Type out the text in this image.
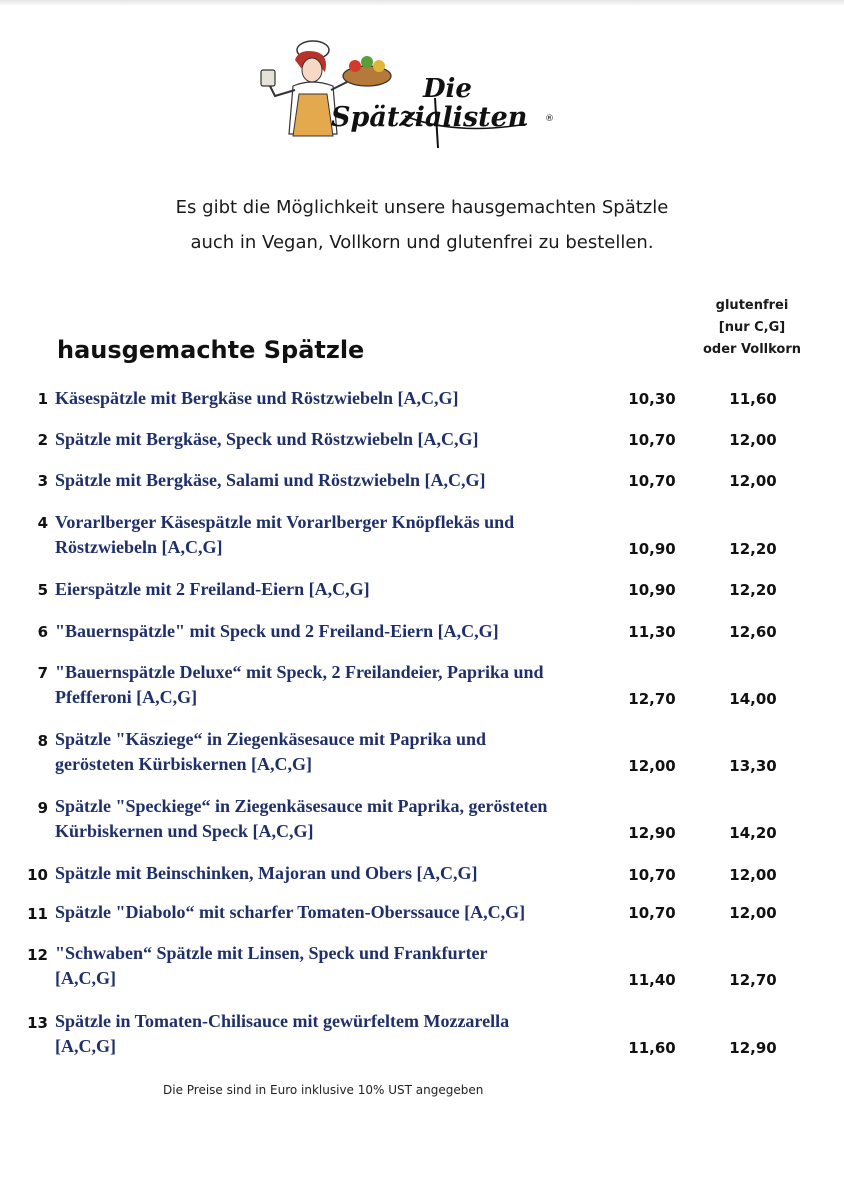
Die
Spätzialisten ®
Es gibt die Möglichkeit unsere hausgemachten Spätzle
auch in Vegan, Vollkorn und glutenfrei zu bestellen.
hausgemachte Spätzle
glutenfrei
[nur C,G]
oder Vollkorn
1 Käsespätzle mit Bergkäse und Röstzwiebeln [A,C,G]	10,30	11,60
2 Spätzle mit Bergkäse, Speck und Röstzwiebeln [A,C,G]	10,70	12,00
3 Spätzle mit Bergkäse, Salami und Röstzwiebeln [A,C,G]	10,70	12,00
4 Vorarlberger Käsespätzle mit Vorarlberger Knöpflekäs und
Röstzwiebeln [A,C,G]	10,90	12,20
5 Eierspätzle mit 2 Freiland-Eiern [A,C,G]	10,90	12,20
6 "Bauernspätzle" mit Speck und 2 Freiland-Eiern [A,C,G]	11,30	12,60
7 "Bauernspätzle Deluxe“ mit Speck, 2 Freilandeier, Paprika und
Pfefferoni [A,C,G]	12,70	14,00
8 Spätzle "Käsziege“ in Ziegenkäsesauce mit Paprika und
gerösteten Kürbiskernen [A,C,G]	12,00	13,30
9 Spätzle "Speckiege“ in Ziegenkäsesauce mit Paprika, gerösteten
Kürbiskernen und Speck [A,C,G]	12,90	14,20
10 Spätzle mit Beinschinken, Majoran und Obers [A,C,G]	10,70	12,00
11 Spätzle "Diabolo“ mit scharfer Tomaten-Oberssauce [A,C,G]	10,70	12,00
12 "Schwaben“ Spätzle mit Linsen, Speck und Frankfurter
[A,C,G]	11,40	12,70
13 Spätzle in Tomaten-Chilisauce mit gewürfeltem Mozzarella
[A,C,G]	11,60	12,90
Die Preise sind in Euro inklusive 10% UST angegeben
